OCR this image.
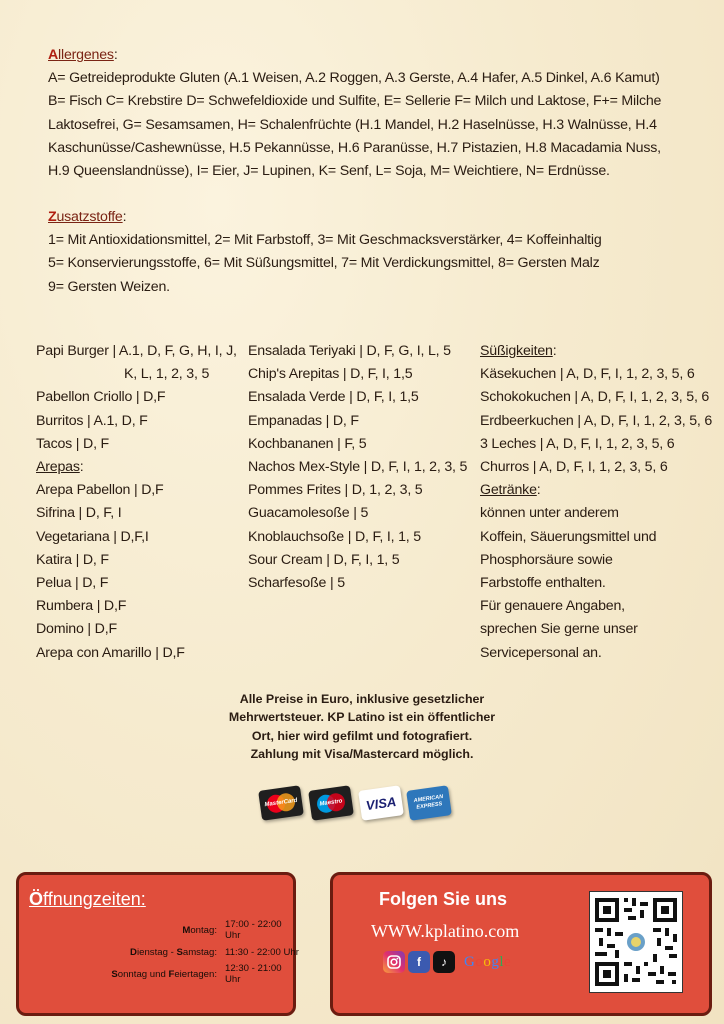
Allergenes:
A= Getreideprodukte Gluten (A.1 Weisen, A.2 Roggen, A.3 Gerste, A.4 Hafer, A.5 Dinkel, A.6 Kamut)
B= Fisch C= Krebstire D= Schwefeldioxide und Sulfite, E= Sellerie F= Milch und Laktose, F+= Milche
Laktosefrei, G= Sesamsamen, H= Schalenfrüchte (H.1 Mandel, H.2 Haselnüsse, H.3 Walnüsse, H.4
Kaschunüsse/Cashewnüsse, H.5 Pekannüsse, H.6 Paranüsse, H.7 Pistazien, H.8 Macadamia Nuss,
H.9 Queenslandnüsse), I= Eier, J= Lupinen, K= Senf, L= Soja, M= Weichtiere, N= Erdnüsse.
Zusatzstoffe:
1= Mit Antioxidationsmittel, 2= Mit Farbstoff, 3= Mit Geschmacksverstärker, 4= Koffeinhaltig
5= Konservierungsstoffe, 6= Mit Süßungsmittel, 7= Mit Verdickungsmittel, 8= Gersten Malz
9= Gersten Weizen.
Papi Burger | A.1, D, F, G, H, I, J,
K, L, 1, 2, 3, 5
Pabellon Criollo | D,F
Burritos | A.1, D, F
Tacos | D, F
Arepas:
Arepa Pabellon | D,F
Sifrina | D, F, I
Vegetariana | D,F,I
Katira | D, F
Pelua | D, F
Rumbera | D,F
Domino | D,F
Arepa con Amarillo | D,F
Ensalada Teriyaki | D, F, G, I, L, 5
Chip's Arepitas | D, F, I, 1,5
Ensalada Verde | D, F, I, 1,5
Empanadas | D, F
Kochbananen | F, 5
Nachos Mex-Style | D, F, I, 1, 2, 3, 5
Pommes Frites | D, 1, 2, 3, 5
Guacamolesoße | 5
Knoblauchsoße | D, F, I, 1, 5
Sour Cream | D, F, I, 1, 5
Scharfesoße | 5
Süßigkeiten:
Käsekuchen | A, D, F, I, 1, 2, 3, 5, 6
Schokokuchen | A, D, F, I, 1, 2, 3, 5, 6
Erdbeerkuchen | A, D, F, I, 1, 2, 3, 5, 6
3 Leches | A, D, F, I, 1, 2, 3, 5, 6
Churros | A, D, F, I, 1, 2, 3, 5, 6
Getränke:
können unter anderem
Koffein, Säuerungsmittel und
Phosphorsäure sowie
Farbstoffe enthalten.
Für genauere Angaben,
sprechen Sie gerne unser
Servicepersonal an.
Alle Preise in Euro, inklusive gesetzlicher
Mehrwertsteuer. KP Latino ist ein öffentlicher
Ort, hier wird gefilmt und fotografiert.
Zahlung mit Visa/Mastercard möglich.
MasterCard	Maestro VISA	AMERICAN EXPRESS
Öffnungzeiten:
Montag: 17:00 - 22:00 Uhr
Dienstag - Samstag: 11:30 - 22:00 Uhr
Sonntag und Feiertagen: 12:30 - 21:00 Uhr
Folgen Sie uns
WWW.kplatino.com
f	♪	Google
